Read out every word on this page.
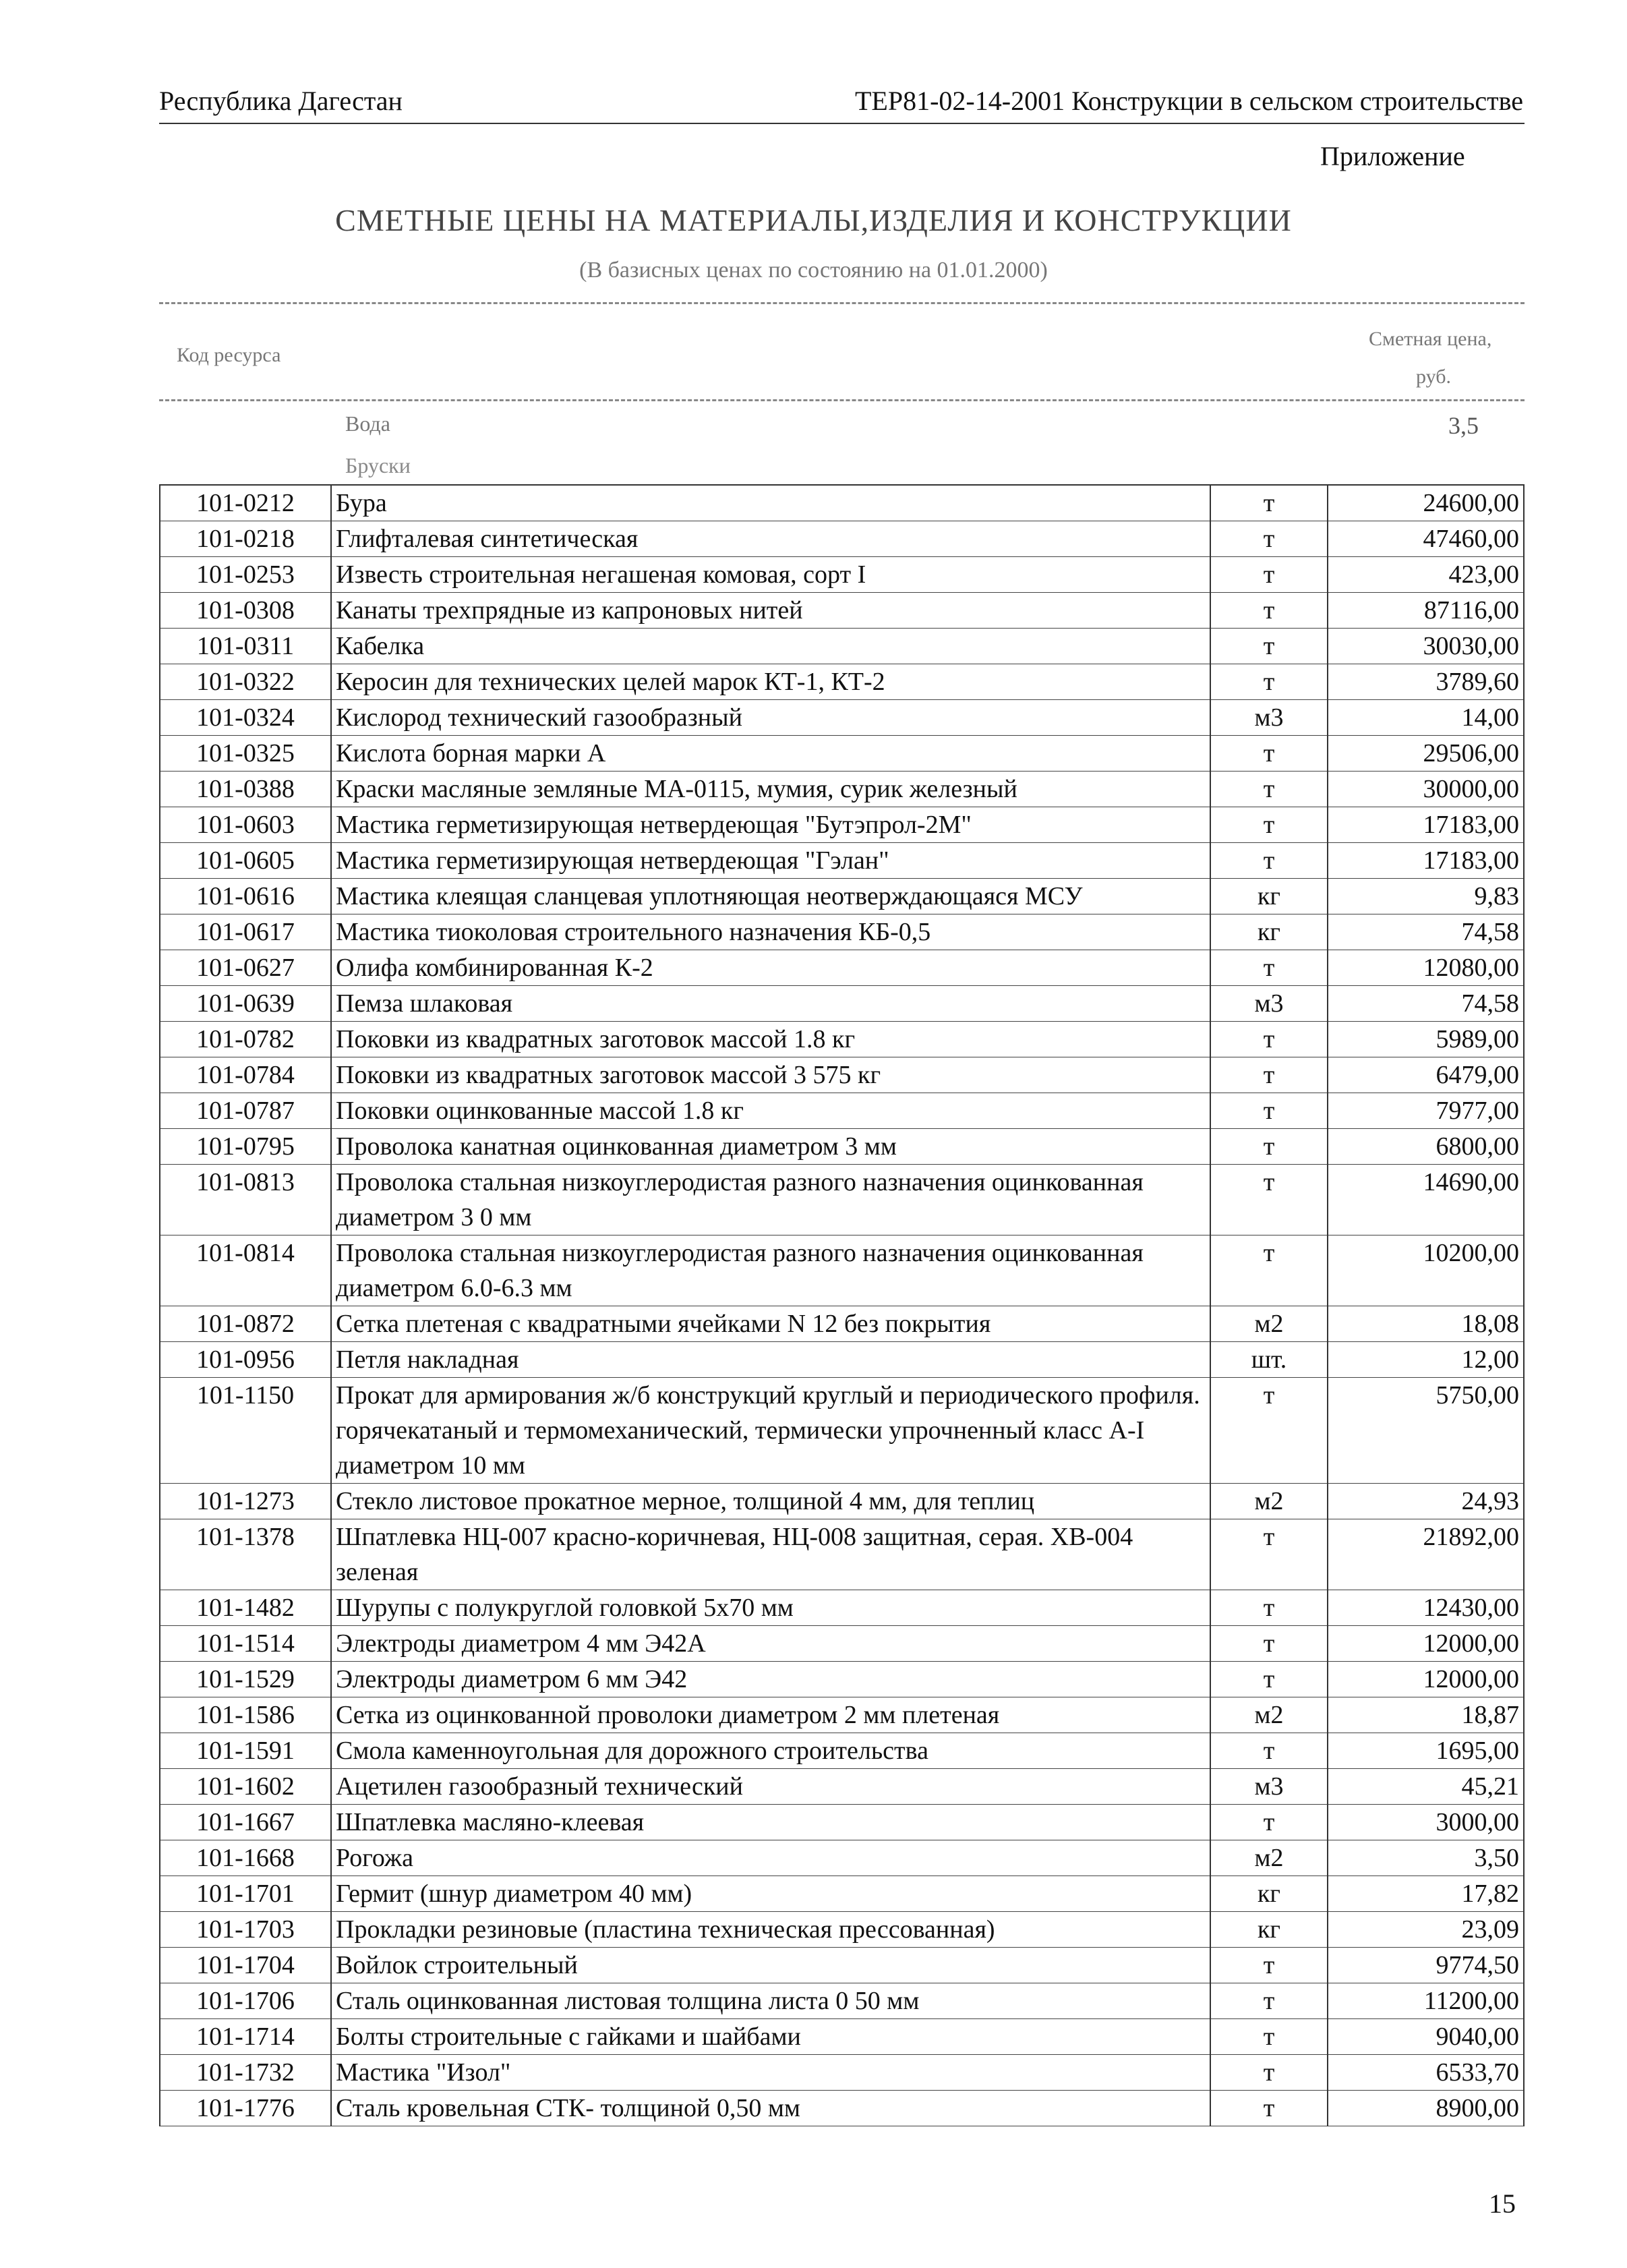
Республика Дагестан	ТЕР81-02-14-2001 Конструкции в сельском строительстве
Приложение
СМЕТНЫЕ ЦЕНЫ НА МАТЕРИАЛЫ,ИЗДЕЛИЯ И КОНСТРУКЦИИ
(В базисных ценах по состоянию на 01.01.2000)
Код ресурса
Сметная цена,
руб.
Вода	3,5
Бруски
101-0212	Бура	т	24600,00
101-0218	Глифталевая синтетическая	т	47460,00
101-0253	Известь строительная негашеная комовая, сорт I	т	423,00
101-0308	Канаты трехпрядные из капроновых нитей	т	87116,00
101-0311	Кабелка	т	30030,00
101-0322	Керосин для технических целей марок КТ-1, КТ-2	т	3789,60
101-0324	Кислород технический газообразный	м3	14,00
101-0325	Кислота борная марки А	т	29506,00
101-0388	Краски масляные земляные МА-0115, мумия, сурик железный	т	30000,00
101-0603	Мастика герметизирующая нетвердеющая "Бутэпрол-2М"	т	17183,00
101-0605	Мастика герметизирующая нетвердеющая "Гэлан"	т	17183,00
101-0616	Мастика клеящая сланцевая уплотняющая неотверждающаяся МСУ	кг	9,83
101-0617	Мастика тиоколовая строительного назначения КБ-0,5	кг	74,58
101-0627	Олифа комбинированная К-2	т	12080,00
101-0639	Пемза шлаковая	м3	74,58
101-0782	Поковки из квадратных заготовок массой 1.8 кг	т	5989,00
101-0784	Поковки из квадратных заготовок массой 3 575 кг	т	6479,00
101-0787	Поковки оцинкованные массой 1.8 кг	т	7977,00
101-0795	Проволока канатная оцинкованная диаметром 3 мм	т	6800,00
101-0813	Проволока стальная низкоуглеродистая разного назначения оцинкованная диаметром 3 0 мм	т	14690,00
101-0814	Проволока стальная низкоуглеродистая разного назначения оцинкованная диаметром 6.0-6.3 мм	т	10200,00
101-0872	Сетка плетеная с квадратными ячейками N 12 без покрытия	м2	18,08
101-0956	Петля накладная	шт.	12,00
101-1150	Прокат для армирования ж/б конструкций круглый и периодического профиля. горячекатаный и термомеханический, термически упрочненный класс А-I диаметром 10 мм	т	5750,00
101-1273	Стекло листовое прокатное мерное, толщиной 4 мм, для теплиц	м2	24,93
101-1378	Шпатлевка НЦ-007 красно-коричневая, НЦ-008 защитная, серая. ХВ-004 зеленая	т	21892,00
101-1482	Шурупы с полукруглой головкой 5x70 мм	т	12430,00
101-1514	Электроды диаметром 4 мм Э42А	т	12000,00
101-1529	Электроды диаметром 6 мм Э42	т	12000,00
101-1586	Сетка из оцинкованной проволоки диаметром 2 мм плетеная	м2	18,87
101-1591	Смола каменноугольная для дорожного строительства	т	1695,00
101-1602	Ацетилен газообразный технический	м3	45,21
101-1667	Шпатлевка масляно-клеевая	т	3000,00
101-1668	Рогожа	м2	3,50
101-1701	Гермит (шнур диаметром 40 мм)	кг	17,82
101-1703	Прокладки резиновые (пластина техническая прессованная)	кг	23,09
101-1704	Войлок строительный	т	9774,50
101-1706	Сталь оцинкованная листовая толщина листа 0 50 мм	т	11200,00
101-1714	Болты строительные с гайками и шайбами	т	9040,00
101-1732	Мастика "Изол"	т	6533,70
101-1776	Сталь кровельная СТК- толщиной 0,50 мм	т	8900,00
15
